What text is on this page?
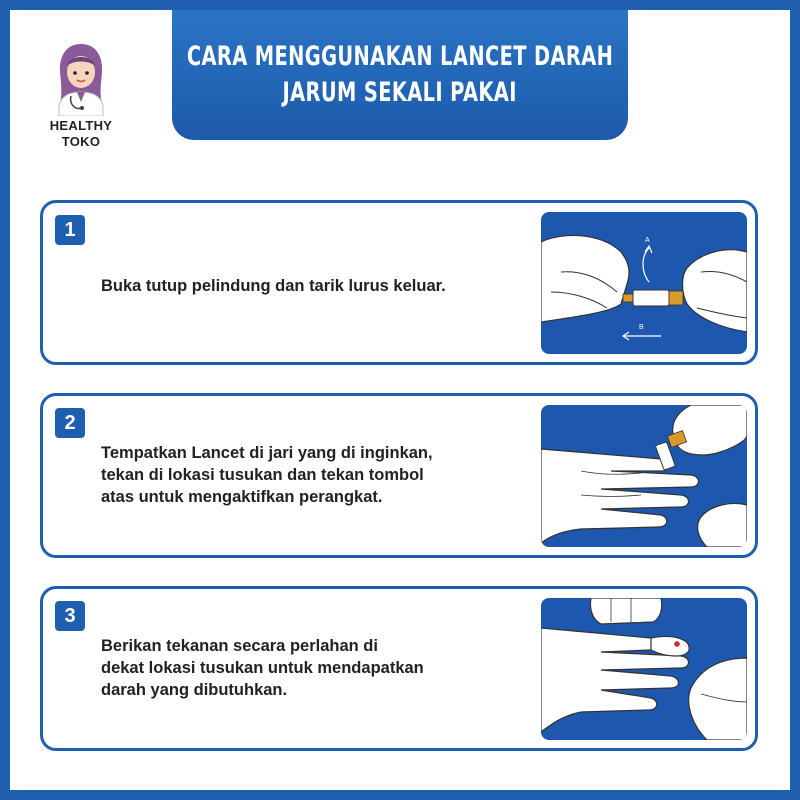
HEALTHY
TOKO
CARA MENGGUNAKAN LANCET DARAH
JARUM SEKALI PAKAI
1
Buka tutup pelindung dan tarik lurus keluar.
A
B
2
Tempatkan Lancet di jari yang di inginkan,
tekan di lokasi tusukan dan tekan tombol
atas untuk mengaktifkan perangkat.
3
Berikan tekanan secara perlahan di
dekat lokasi tusukan untuk mendapatkan
darah yang dibutuhkan.
